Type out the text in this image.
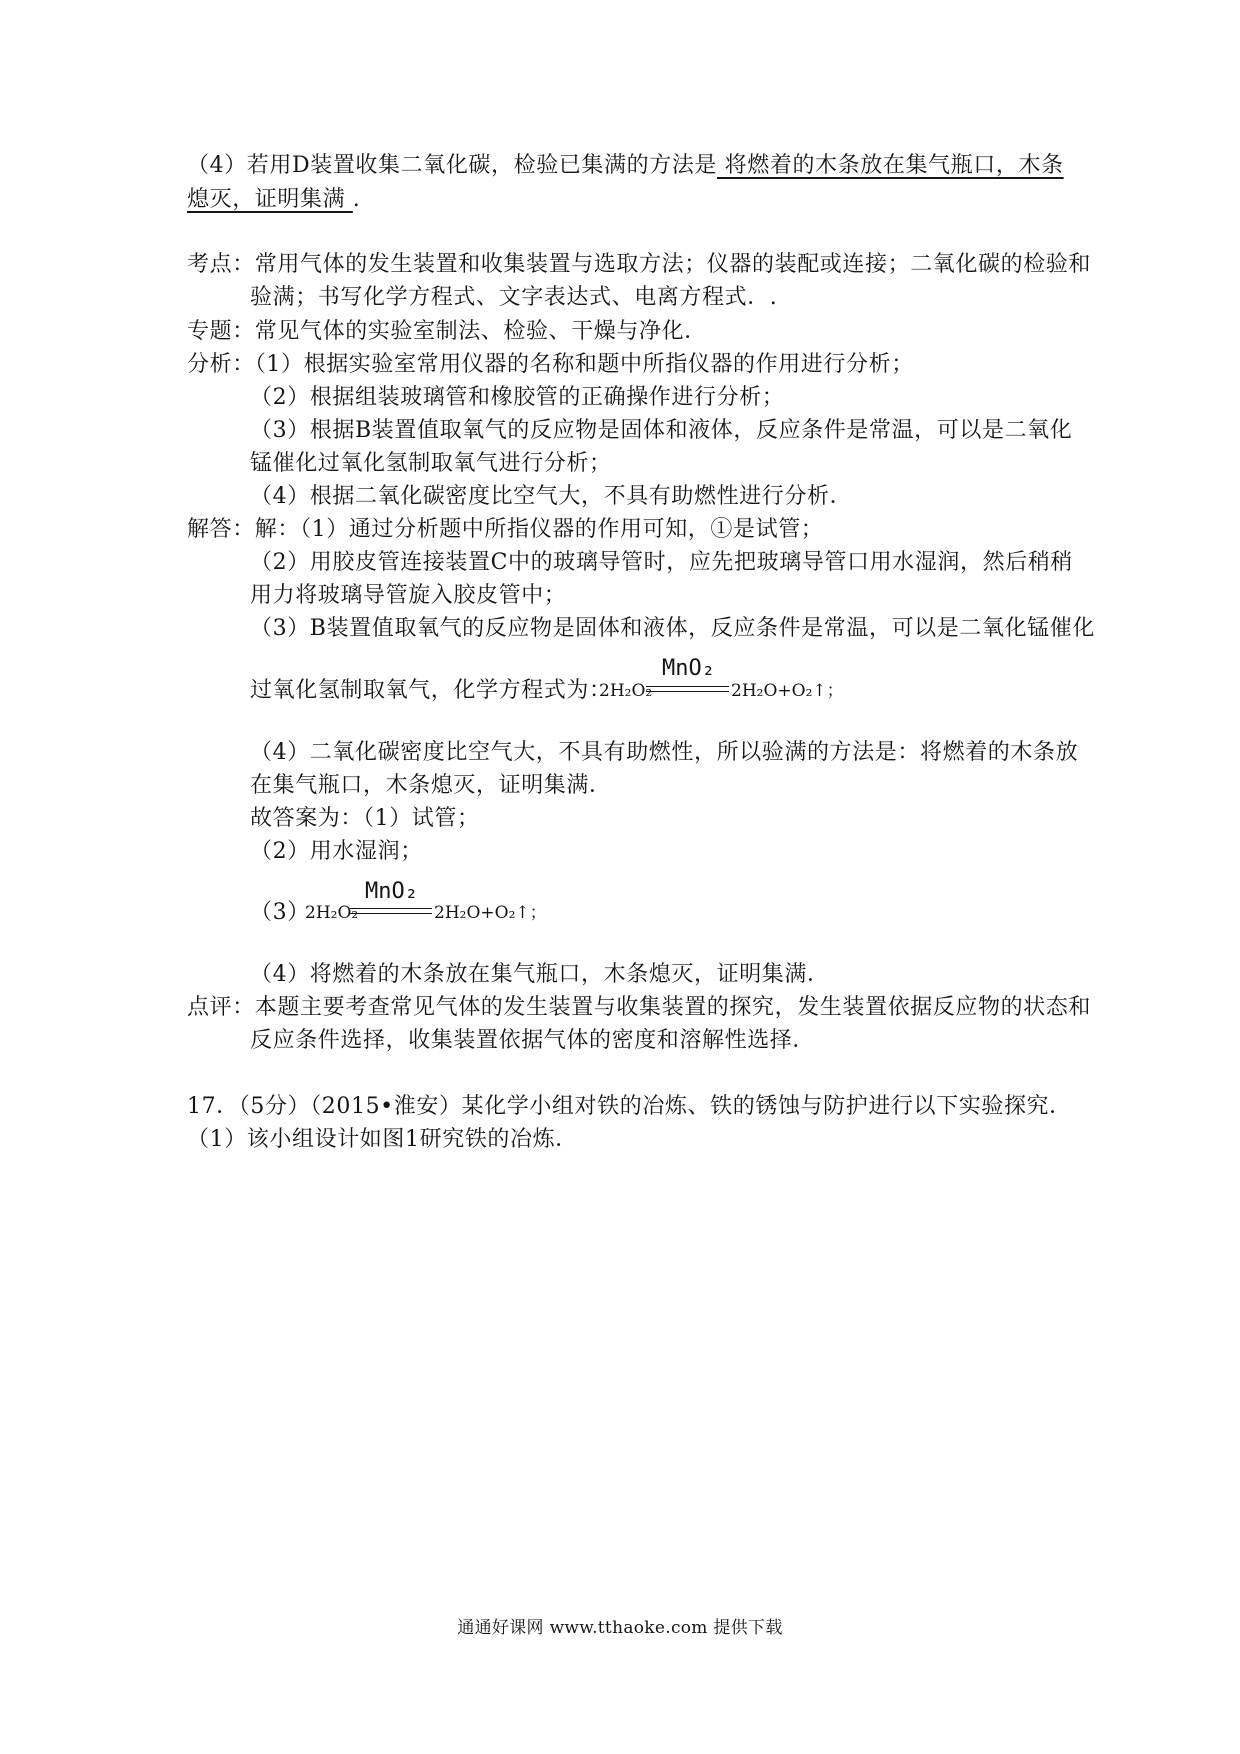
（4）若用D装置收集二氧化碳，检验已集满的方法是 将燃着的木条放在集气瓶口，木条
熄灭，证明集满 .
考点：常用气体的发生装置和收集装置与选取方法；仪器的装配或连接；二氧化碳的检验和
验满；书写化学方程式、文字表达式、电离方程式．.
专题：常见气体的实验室制法、检验、干燥与净化．
分析：（1）根据实验室常用仪器的名称和题中所指仪器的作用进行分析；
（2）根据组装玻璃管和橡胶管的正确操作进行分析；
（3）根据B装置值取氧气的反应物是固体和液体，反应条件是常温，可以是二氧化
锰催化过氧化氢制取氧气进行分析；
（4）根据二氧化碳密度比空气大，不具有助燃性进行分析．
解答：解：（1）通过分析题中所指仪器的作用可知，①是试管；
（2）用胶皮管连接装置C中的玻璃导管时，应先把玻璃导管口用水湿润，然后稍稍
用力将玻璃导管旋入胶皮管中；
（3）B装置值取氧气的反应物是固体和液体，反应条件是常温，可以是二氧化锰催化
过氧化氢制取氧气，化学方程式为：
2H₂O₂
MnO₂
2H₂O+O₂↑；
（4）二氧化碳密度比空气大，不具有助燃性，所以验满的方法是：将燃着的木条放
在集气瓶口，木条熄灭，证明集满．
故答案为：（1）试管；
（2）用水湿润；
（3）
2H₂O₂
MnO₂
2H₂O+O₂↑；
（4）将燃着的木条放在集气瓶口，木条熄灭，证明集满．
点评：本题主要考查常见气体的发生装置与收集装置的探究，发生装置依据反应物的状态和
反应条件选择，收集装置依据气体的密度和溶解性选择．
17．（5分）（2015•淮安）某化学小组对铁的冶炼、铁的锈蚀与防护进行以下实验探究．
（1）该小组设计如图1研究铁的冶炼．
通通好课网 www.tthaoke.com 提供下载
